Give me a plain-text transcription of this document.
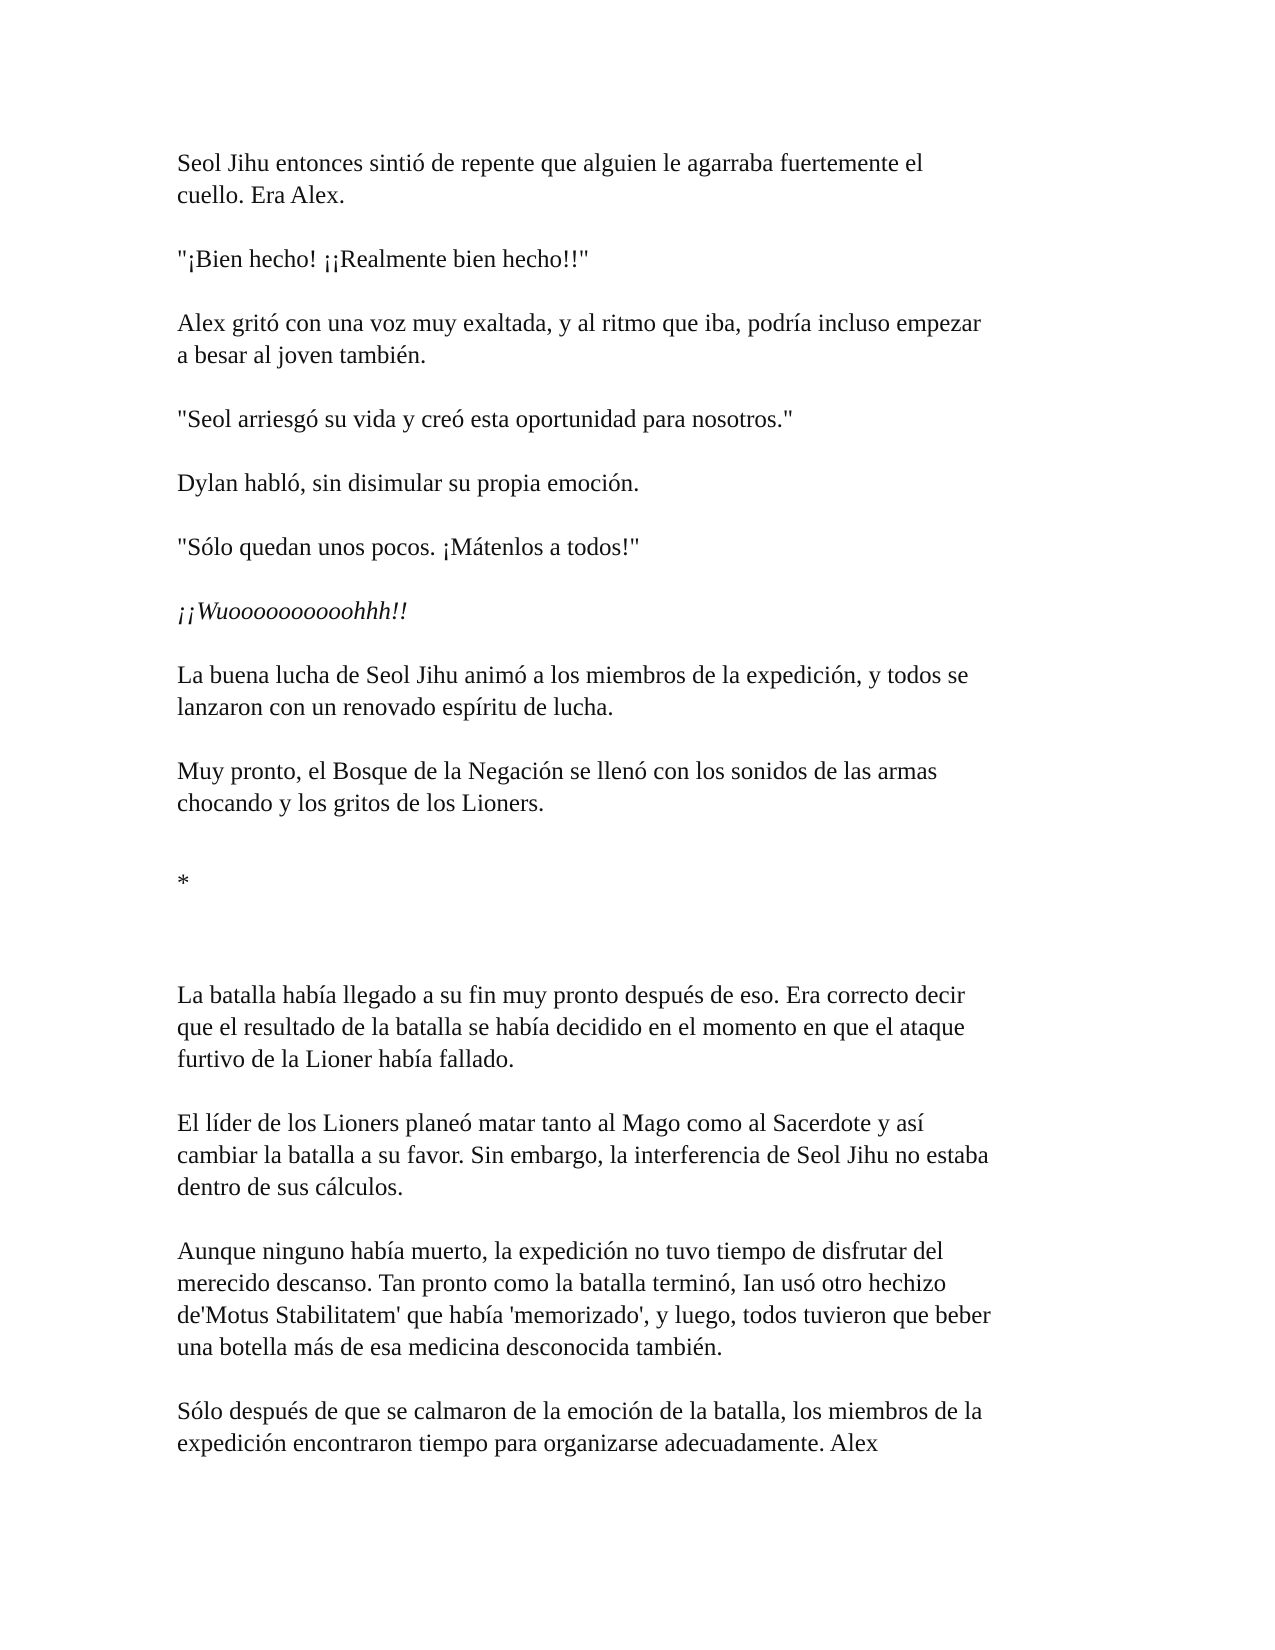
Seol Jihu entonces sintió de repente que alguien le agarraba fuertemente el
cuello. Era Alex.

"¡Bien hecho! ¡¡Realmente bien hecho!!"

Alex gritó con una voz muy exaltada, y al ritmo que iba, podría incluso empezar
a besar al joven también.

"Seol arriesgó su vida y creó esta oportunidad para nosotros."

Dylan habló, sin disimular su propia emoción.

"Sólo quedan unos pocos. ¡Mátenlos a todos!"

¡¡Wuoooooooooohhh!!

La buena lucha de Seol Jihu animó a los miembros de la expedición, y todos se
lanzaron con un renovado espíritu de lucha.

Muy pronto, el Bosque de la Negación se llenó con los sonidos de las armas
chocando y los gritos de los Lioners.

*

La batalla había llegado a su fin muy pronto después de eso. Era correcto decir
que el resultado de la batalla se había decidido en el momento en que el ataque
furtivo de la Lioner había fallado.

El líder de los Lioners planeó matar tanto al Mago como al Sacerdote y así
cambiar la batalla a su favor. Sin embargo, la interferencia de Seol Jihu no estaba
dentro de sus cálculos.

Aunque ninguno había muerto, la expedición no tuvo tiempo de disfrutar del
merecido descanso. Tan pronto como la batalla terminó, Ian usó otro hechizo
de'Motus Stabilitatem' que había 'memorizado', y luego, todos tuvieron que beber
una botella más de esa medicina desconocida también.

Sólo después de que se calmaron de la emoción de la batalla, los miembros de la
expedición encontraron tiempo para organizarse adecuadamente. Alex
